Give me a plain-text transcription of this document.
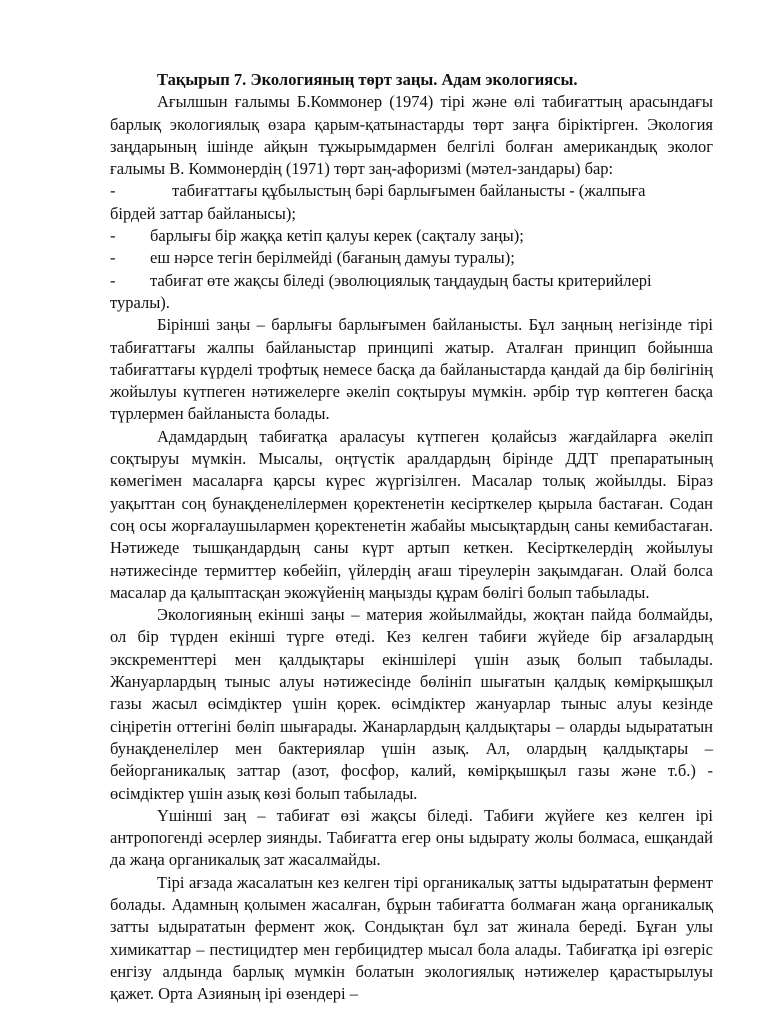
Тақырып 7. Экологияның төрт заңы. Адам экологиясы.

Ағылшын ғалымы Б.Коммонер (1974) тірі және өлі табиғаттың арасындағы барлық экологиялық өзара қарым-қатынастарды төрт заңға біріктірген. Экология заңдарының ішінде айқын тұжырымдармен белгілі болған американдық эколог ғалымы В. Коммонердің (1971) төрт заң-афоризмі (мәтел-зандары) бар:

-	табиғаттағы құбылыстың бәрі барлығымен байланысты - (жалпыға
бірдей заттар байланысы);
- барлығы бір жаққа кетіп қалуы керек (сақталу заңы);
- еш нәрсе тегін берілмейді (бағаның дамуы туралы);
- табиғат өте жақсы біледі (эволюциялық таңдаудың басты критерийлері
туралы).

Бірінші заңы – барлығы барлығымен байланысты. Бұл заңның негізінде тірі табиғаттағы жалпы байланыстар принципі жатыр. Аталған принцип бойынша табиғаттағы күрделі трофтық немесе басқа да байланыстарда қандай да бір бөлігінің жойылуы күтпеген нәтижелерге әкеліп соқтыруы мүмкін. әрбір түр көптеген басқа түрлермен байланыста болады.

Адамдардың табиғатқа араласуы күтпеген қолайсыз жағдайларға әкеліп соқтыруы мүмкін. Мысалы, оңтүстік аралдардың бірінде ДДТ препаратының көмегімен масаларға қарсы күрес жүргізілген. Масалар толық жойылды. Біраз уақыттан соң бунақденелілермен қоректенетін кесірткелер қырыла бастаған. Содан соң осы жорғалаушылармен қоректенетін жабайы мысықтардың саны кемибастаған. Нәтижеде тышқандардың саны күрт артып кеткен. Кесірткелердің жойылуы нәтижесінде термиттер көбейіп, үйлердің ағаш тіреулерін зақымдаған. Олай болса масалар да қалыптасқан экожүйенің маңызды құрам бөлігі болып табылады.

Экологияның екінші заңы – материя жойылмайды, жоқтан пайда болмайды, ол бір түрден екінші түрге өтеді. Кез келген табиғи жүйеде бір ағзалардың экскременттері мен қалдықтары екіншілері үшін азық болып табылады. Жануарлардың тыныс алуы нәтижесінде бөлініп шығатын қалдық көмірқышқыл газы жасыл өсімдіктер үшін қорек. өсімдіктер жануарлар тыныс алуы кезінде сіңіретін оттегіні бөліп шығарады. Жанарлардың қалдықтары – оларды ыдырататын бунақденелілер мен бактериялар үшін азық. Ал, олардың қалдықтары – бейорганикалық заттар (азот, фосфор, калий, көмірқышқыл газы және т.б.) - өсімдіктер үшін азық көзі болып табылады.

Үшінші заң – табиғат өзі жақсы біледі. Табиғи жүйеге кез келген ірі антропогенді әсерлер зиянды. Табиғатта егер оны ыдырату жолы болмаса, ешқандай да жаңа органикалық зат жасалмайды.

Тірі ағзада жасалатын кез келген тірі органикалық затты ыдырататын фермент болады. Адамның қолымен жасалған, бұрын табиғатта болмаған жаңа органикалық затты ыдырататын фермент жоқ. Сондықтан бұл зат жинала береді. Бұған улы химикаттар – пестицидтер мен гербицидтер мысал бола алады. Табиғатқа ірі өзгеріс енгізу алдында барлық мүмкін болатын экологиялық нәтижелер қарастырылуы қажет. Орта Азияның ірі өзендері –
